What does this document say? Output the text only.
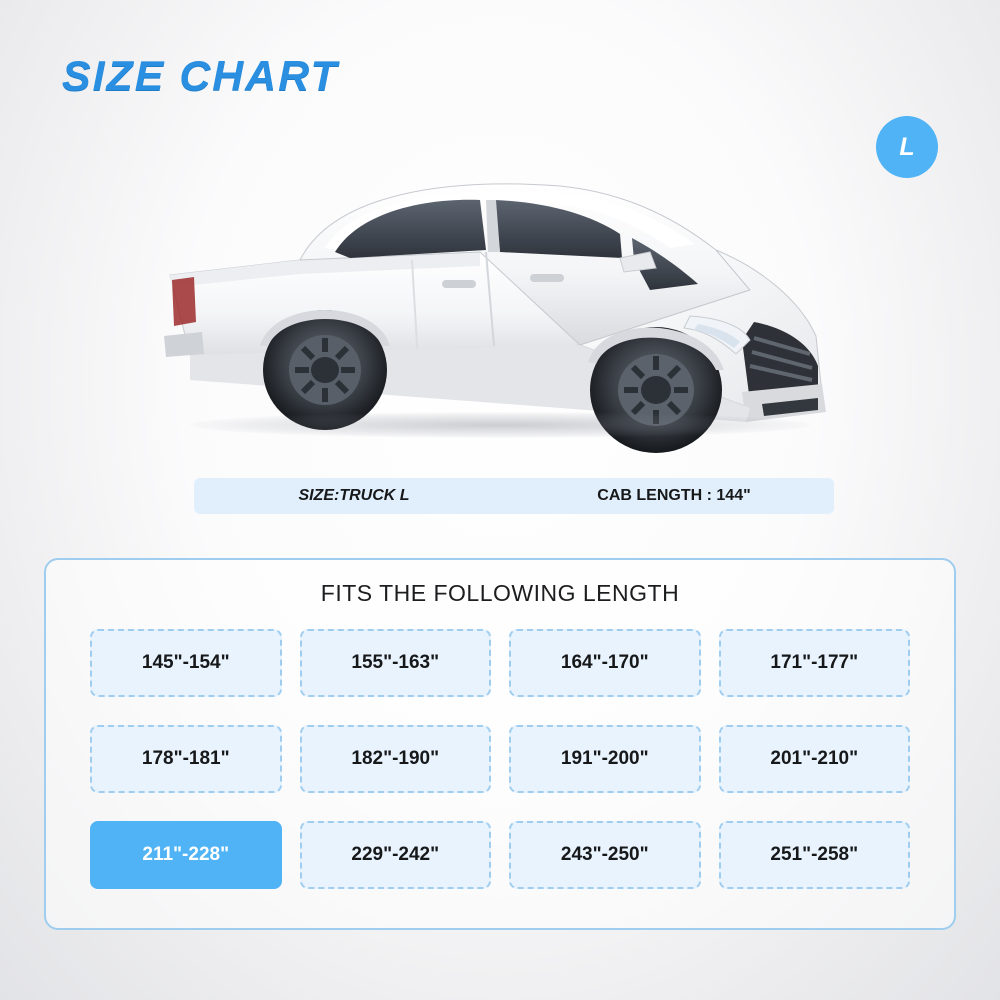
SIZE CHART
L
SIZE:TRUCK L	CAB LENGTH : 144"
FITS THE FOLLOWING LENGTH
145"-154"	155"-163"	164"-170"	171"-177"
178"-181"	182"-190"	191"-200"	201"-210"
211"-228"	229"-242"	243"-250"	251"-258"
